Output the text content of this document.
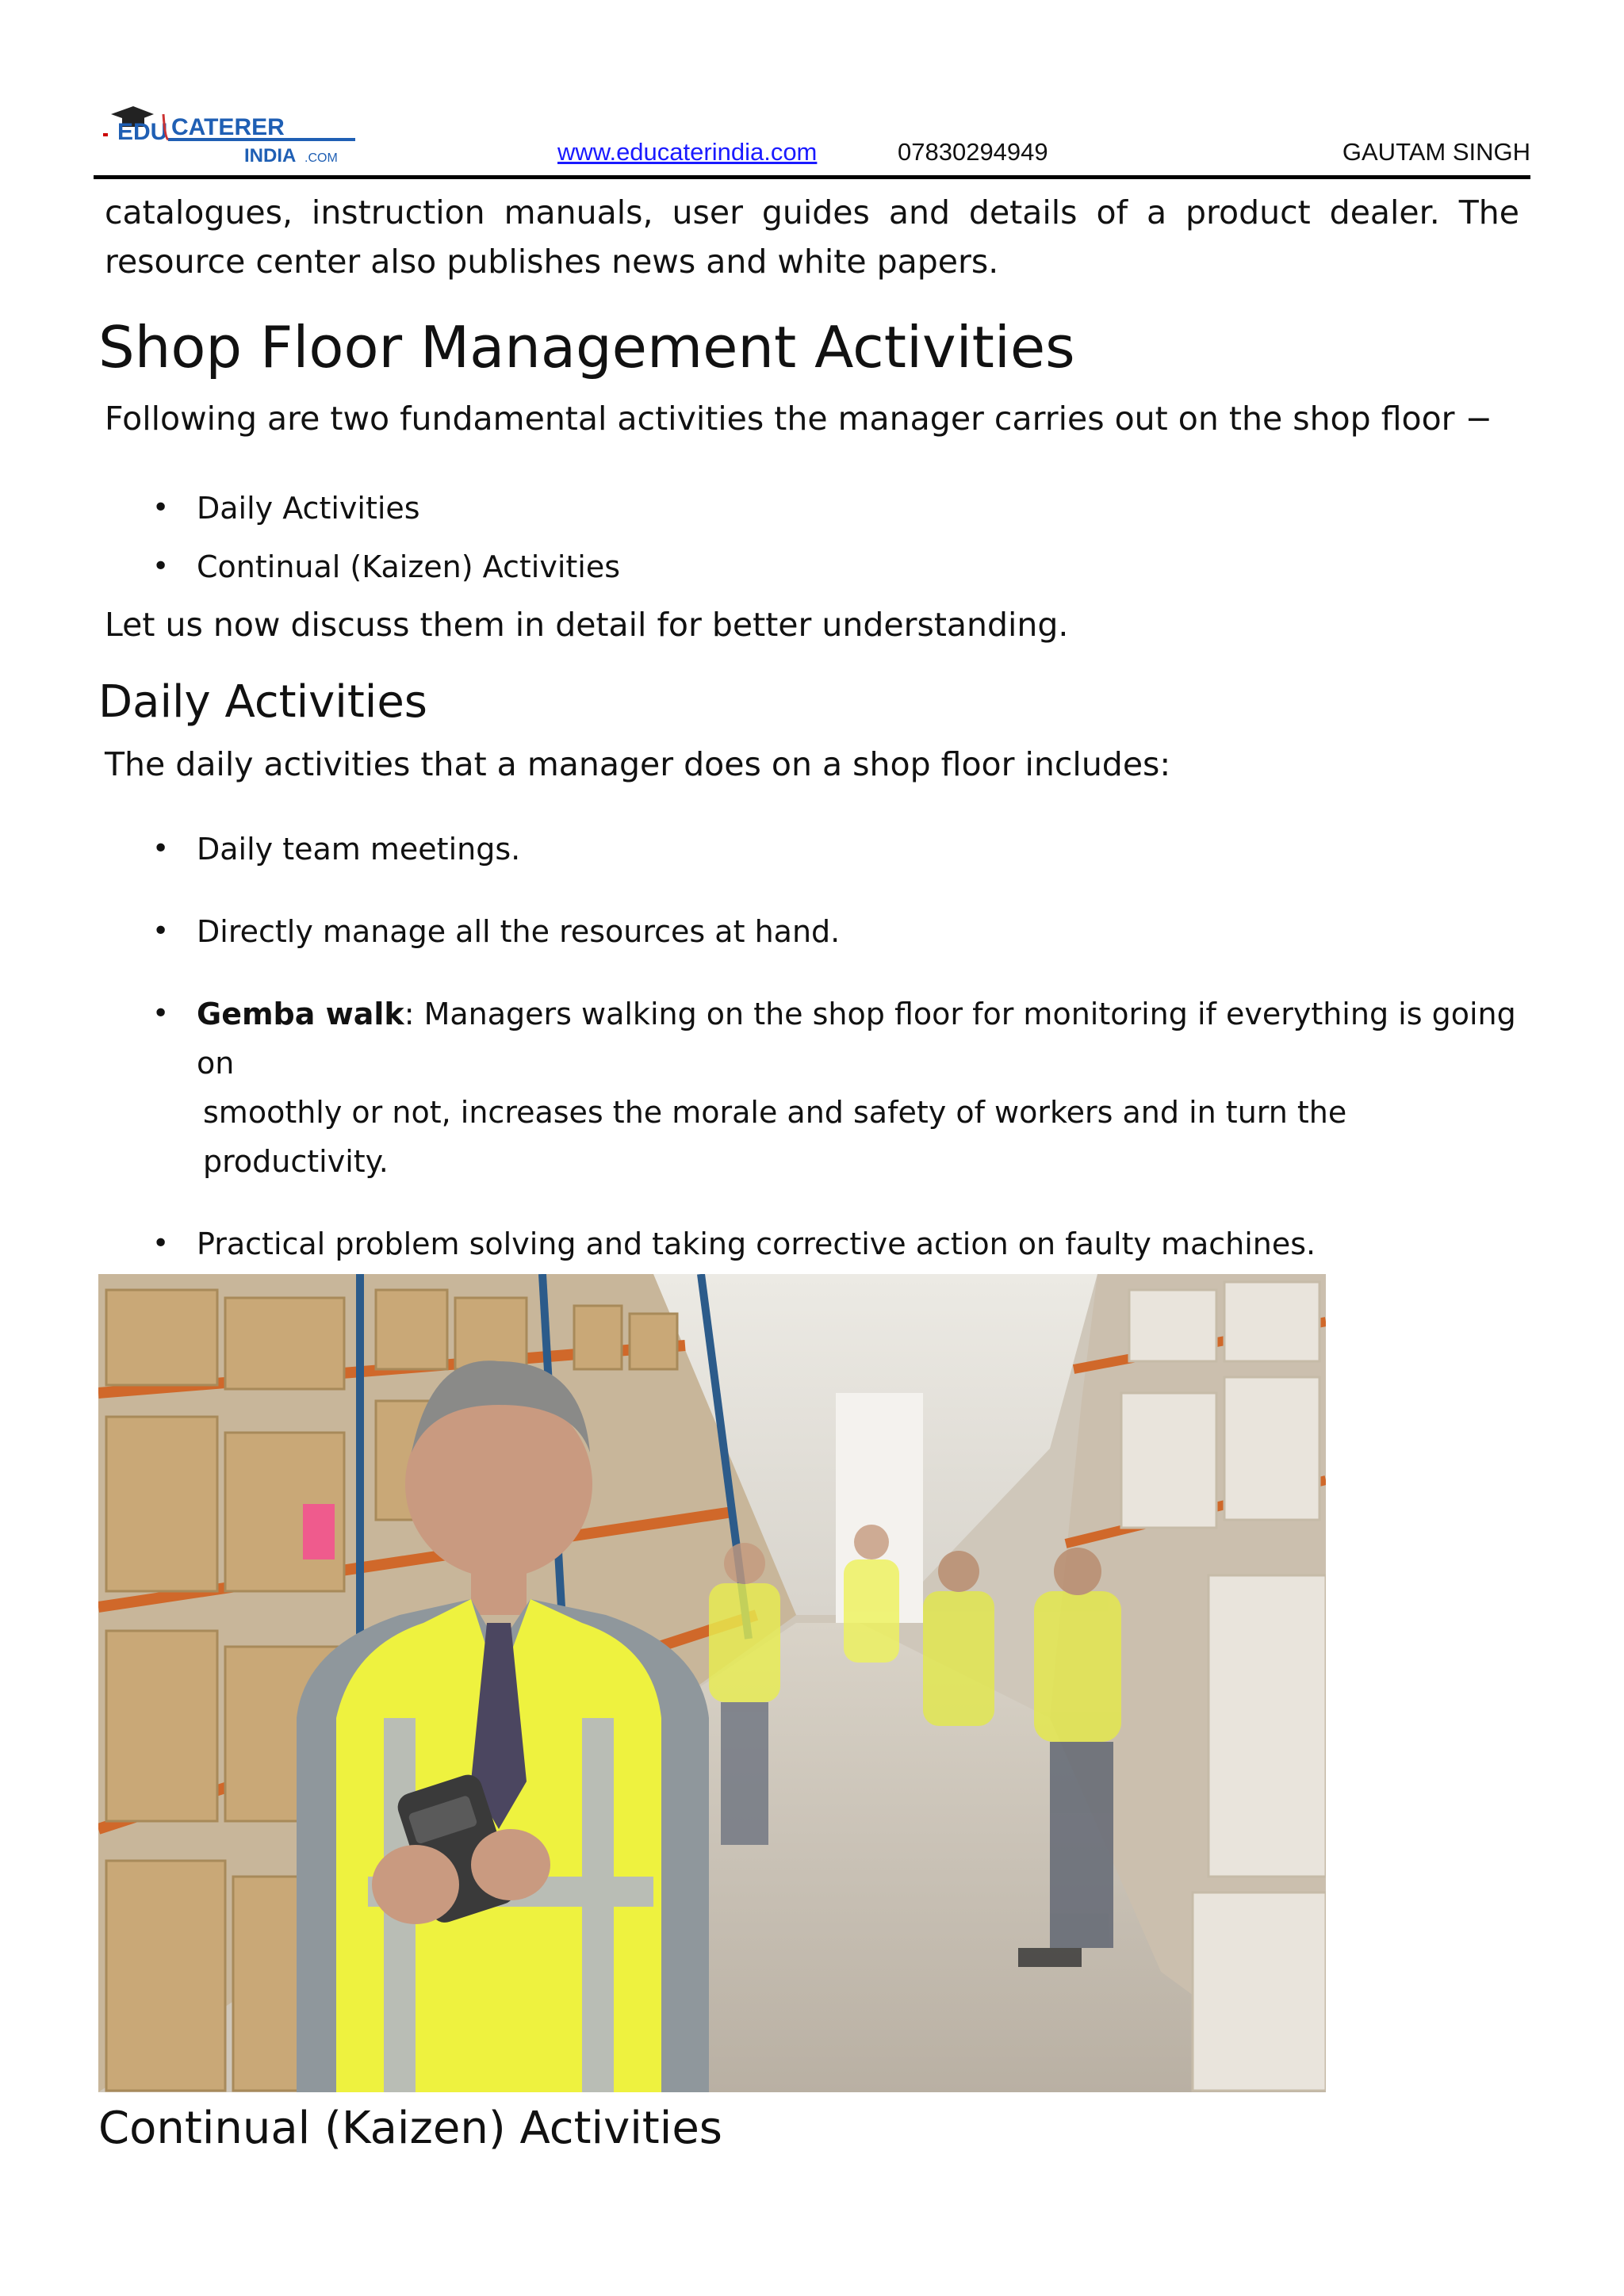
EDU CATERER
INDIA .COM	www.educaterindia.com	07830294949	GAUTAM SINGH
catalogues, instruction manuals, user guides and details of a product dealer. The
resource center also publishes news and white papers.
Shop Floor Management Activities
Following are two fundamental activities the manager carries out on the shop floor −
• Daily Activities
• Continual (Kaizen) Activities
Let us now discuss them in detail for better understanding.
Daily Activities
The daily activities that a manager does on a shop floor includes:
• Daily team meetings.
• Directly manage all the resources at hand.
• Gemba walk: Managers walking on the shop floor for monitoring if everything is going on
smoothly or not, increases the morale and safety of workers and in turn the productivity.
• Practical problem solving and taking corrective action on faulty machines.
•
Continual (Kaizen) Activities
